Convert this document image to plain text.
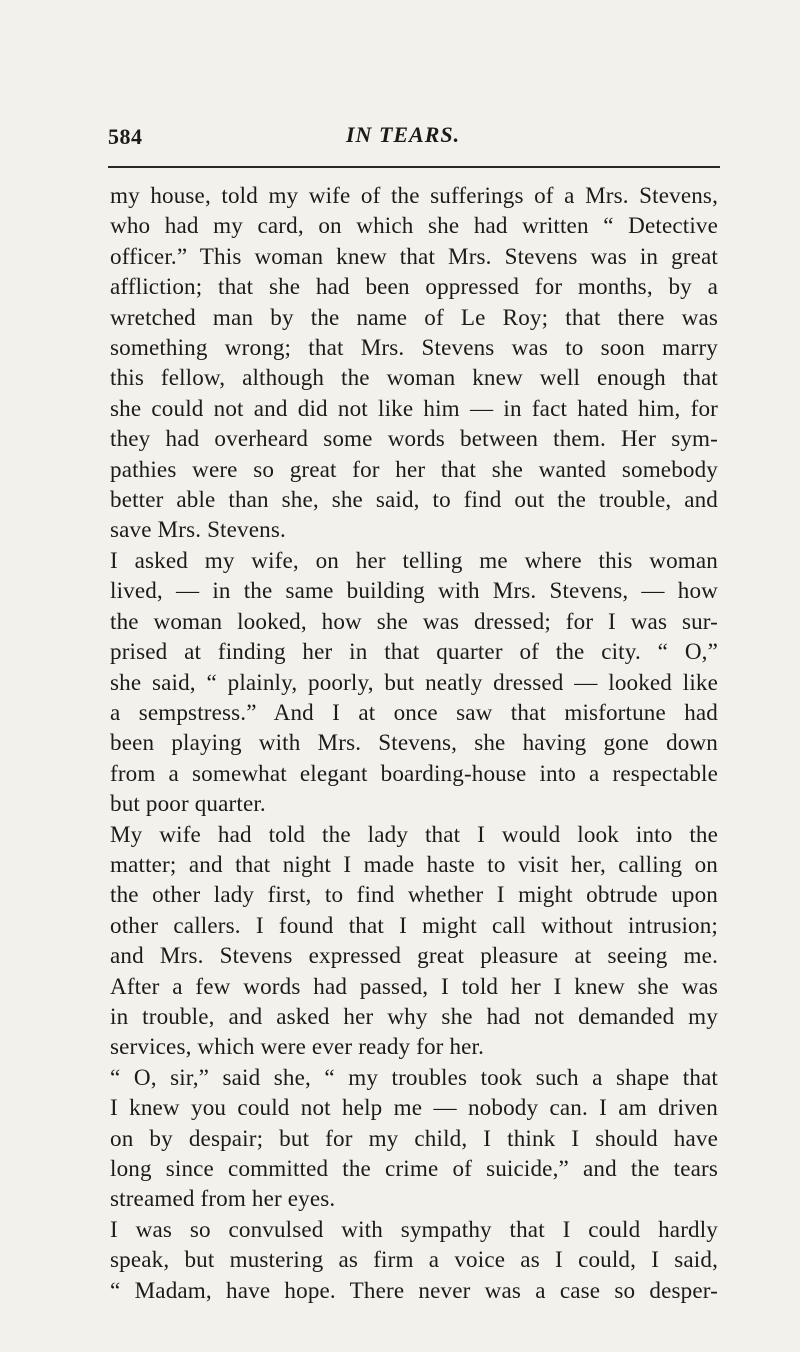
584	IN TEARS.

my house, told my wife of the sufferings of a Mrs. Stevens,
who had my card, on which she had written “ Detective
officer.” This woman knew that Mrs. Stevens was in great
affliction; that she had been oppressed for months, by a
wretched man by the name of Le Roy; that there was
something wrong; that Mrs. Stevens was to soon marry
this fellow, although the woman knew well enough that
she could not and did not like him — in fact hated him, for
they had overheard some words between them. Her sym-
pathies were so great for her that she wanted somebody
better able than she, she said, to find out the trouble, and
save Mrs. Stevens.

I asked my wife, on her telling me where this woman
lived, — in the same building with Mrs. Stevens, — how
the woman looked, how she was dressed; for I was sur-
prised at finding her in that quarter of the city. “ O,”
she said, “ plainly, poorly, but neatly dressed — looked like
a sempstress.” And I at once saw that misfortune had
been playing with Mrs. Stevens, she having gone down
from a somewhat elegant boarding-house into a respectable
but poor quarter.

My wife had told the lady that I would look into the
matter; and that night I made haste to visit her, calling on
the other lady first, to find whether I might obtrude upon
other callers. I found that I might call without intrusion;
and Mrs. Stevens expressed great pleasure at seeing me.
After a few words had passed, I told her I knew she was
in trouble, and asked her why she had not demanded my
services, which were ever ready for her.

“ O, sir,” said she, “ my troubles took such a shape that
I knew you could not help me — nobody can. I am driven
on by despair; but for my child, I think I should have
long since committed the crime of suicide,” and the tears
streamed from her eyes.

I was so convulsed with sympathy that I could hardly
speak, but mustering as firm a voice as I could, I said,
“ Madam, have hope. There never was a case so desper-
